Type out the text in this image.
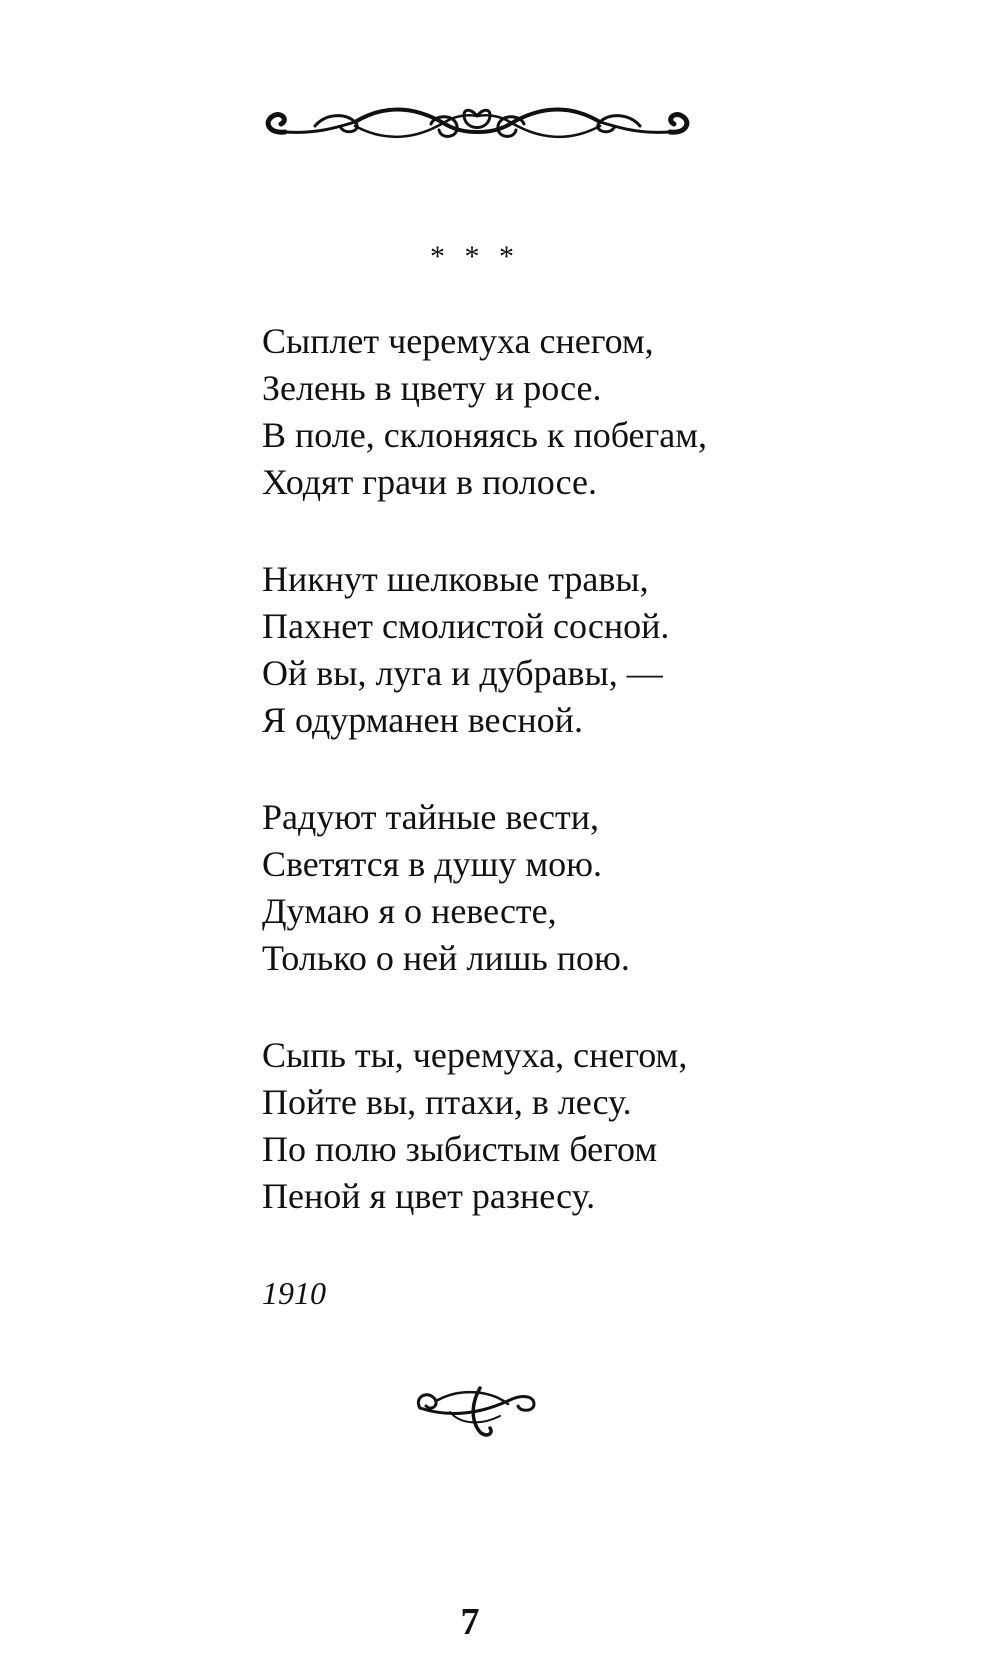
* * *
Сыплет черемуха снегом,
Зелень в цвету и росе.
В поле, склоняясь к побегам,
Ходят грачи в полосе.
Никнут шелковые травы,
Пахнет смолистой сосной.
Ой вы, луга и дубравы, —
Я одурманен весной.
Радуют тайные вести,
Светятся в душу мою.
Думаю я о невесте,
Только о ней лишь пою.
Сыпь ты, черемуха, снегом,
Пойте вы, птахи, в лесу.
По полю зыбистым бегом
Пеной я цвет разнесу.
1910
7
